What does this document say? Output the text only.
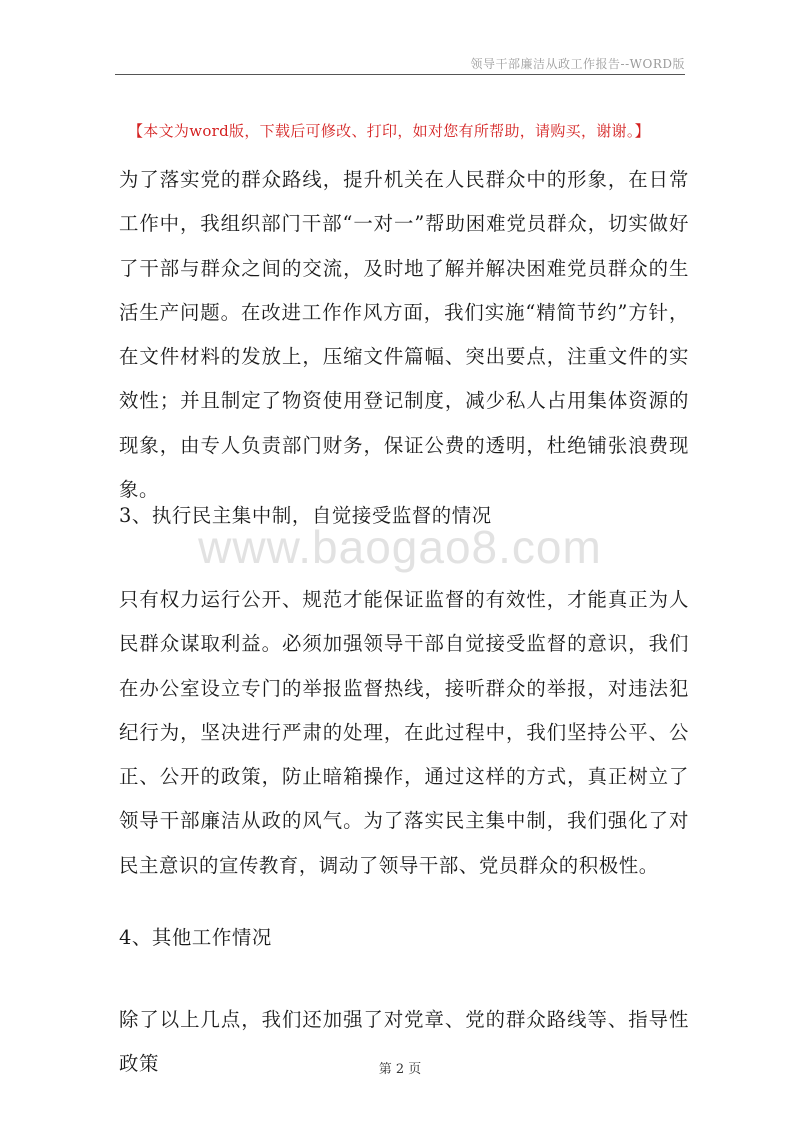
领导干部廉洁从政工作报告--WORD版
【本文为word版，下载后可修改、打印，如对您有所帮助，请购买，谢谢。】

为了落实党的群众路线，提升机关在人民群众中的形象，在日常工作中，我组织部门干部“一对一”帮助困难党员群众，切实做好了干部与群众之间的交流，及时地了解并解决困难党员群众的生活生产问题。在改进工作作风方面，我们实施“精简节约”方针，在文件材料的发放上，压缩文件篇幅、突出要点，注重文件的实效性；并且制定了物资使用登记制度，减少私人占用集体资源的现象，由专人负责部门财务，保证公费的透明，杜绝铺张浪费现象。

3、执行民主集中制，自觉接受监督的情况

www.baogao8.com

只有权力运行公开、规范才能保证监督的有效性，才能真正为人民群众谋取利益。必须加强领导干部自觉接受监督的意识，我们在办公室设立专门的举报监督热线，接听群众的举报，对违法犯纪行为，坚决进行严肃的处理，在此过程中，我们坚持公平、公正、公开的政策，防止暗箱操作，通过这样的方式，真正树立了领导干部廉洁从政的风气。为了落实民主集中制，我们强化了对民主意识的宣传教育，调动了领导干部、党员群众的积极性。

4、其他工作情况

除了以上几点，我们还加强了对党章、党的群众路线等、指导性政策	第 2 页
